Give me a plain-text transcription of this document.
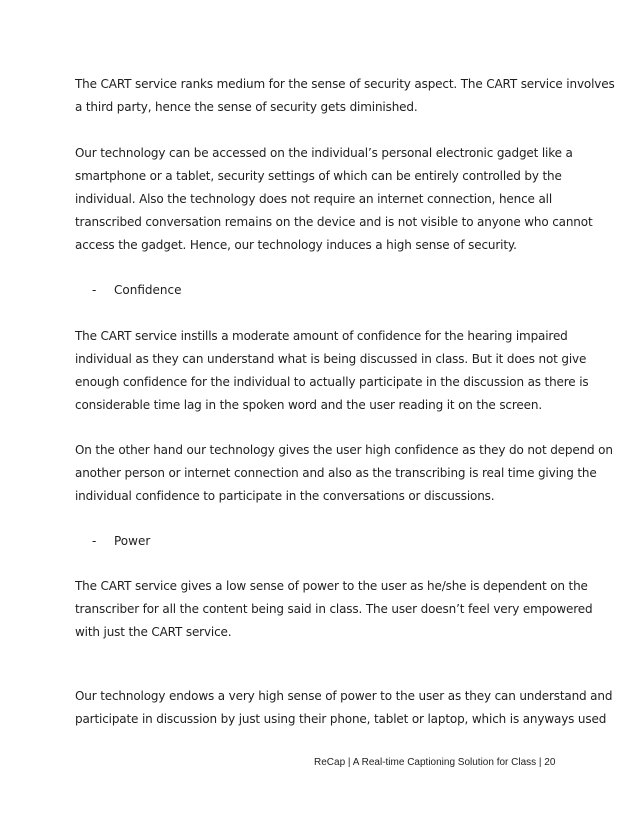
The CART service ranks medium for the sense of security aspect. The CART service involves
a third party, hence the sense of security gets diminished.
Our technology can be accessed on the individual’s personal electronic gadget like a
smartphone or a tablet, security settings of which can be entirely controlled by the
individual. Also the technology does not require an internet connection, hence all
transcribed conversation remains on the device and is not visible to anyone who cannot
access the gadget. Hence, our technology induces a high sense of security.
- Confidence
The CART service instills a moderate amount of confidence for the hearing impaired
individual as they can understand what is being discussed in class. But it does not give
enough confidence for the individual to actually participate in the discussion as there is
considerable time lag in the spoken word and the user reading it on the screen.
On the other hand our technology gives the user high confidence as they do not depend on
another person or internet connection and also as the transcribing is real time giving the
individual confidence to participate in the conversations or discussions.
- Power
The CART service gives a low sense of power to the user as he/she is dependent on the
transcriber for all the content being said in class. The user doesn’t feel very empowered
with just the CART service.
Our technology endows a very high sense of power to the user as they can understand and
participate in discussion by just using their phone, tablet or laptop, which is anyways used
ReCap | A Real-time Captioning Solution for Class | 20
